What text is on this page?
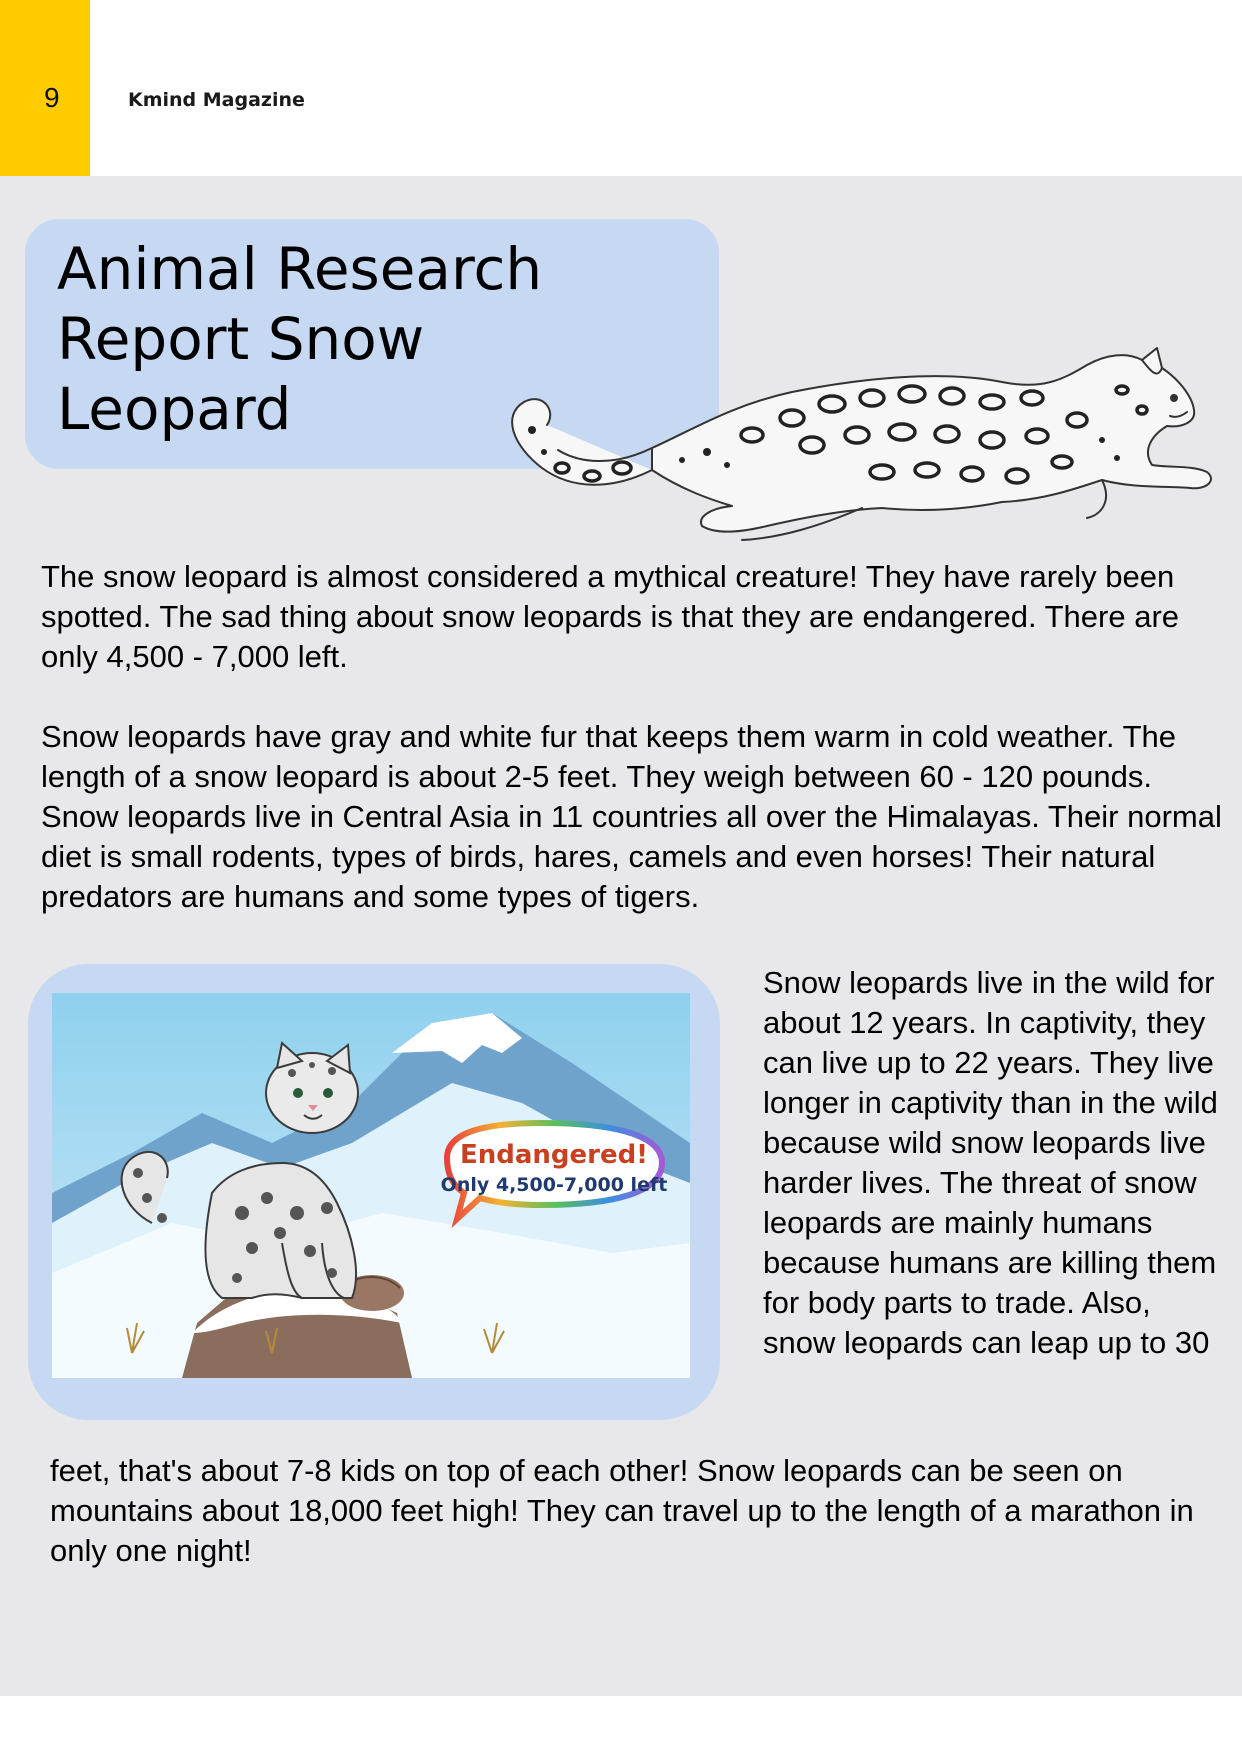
9	Kmind Magazine
Animal Research Report Snow Leopard

The snow leopard is almost considered a mythical creature! They have rarely been spotted. The sad thing about snow leopards is that they are endangered. There are only 4,500 - 7,000 left.

Snow leopards have gray and white fur that keeps them warm in cold weather. The length of a snow leopard is about 2-5 feet. They weigh between 60 - 120 pounds. Snow leopards live in Central Asia in 11 countries all over the Himalayas. Their normal diet is small rodents, types of birds, hares, camels and even horses! Their natural predators are humans and some types of tigers.

Endangered!
Only 4,500-7,000 left

Snow leopards live in the wild for about 12 years. In captivity, they can live up to 22 years. They live longer in captivity than in the wild because wild snow leopards live harder lives. The threat of snow leopards are mainly humans because humans are killing them for body parts to trade. Also, snow leopards can leap up to 30

feet, that's about 7-8 kids on top of each other! Snow leopards can be seen on mountains about 18,000 feet high! They can travel up to the length of a marathon in only one night!
